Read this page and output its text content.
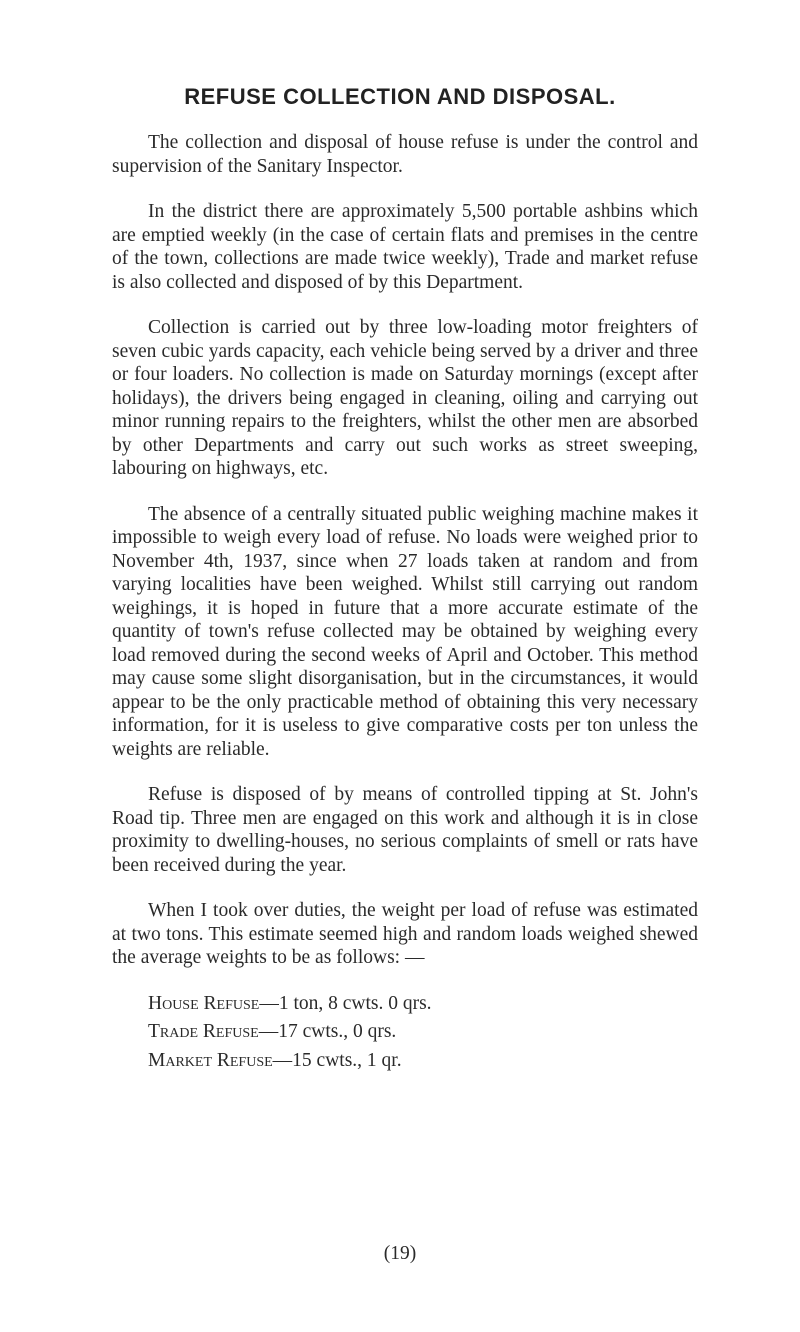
REFUSE COLLECTION AND DISPOSAL.

The collection and disposal of house refuse is under the control and supervision of the Sanitary Inspector.

In the district there are approximately 5,500 portable ashbins which are emptied weekly (in the case of certain flats and premises in the centre of the town, collections are made twice weekly), Trade and market refuse is also collected and disposed of by this Department.

Collection is carried out by three low-loading motor freighters of seven cubic yards capacity, each vehicle being served by a driver and three or four loaders. No collection is made on Saturday mornings (except after holidays), the drivers being engaged in cleaning, oiling and carrying out minor running repairs to the freighters, whilst the other men are absorbed by other Departments and carry out such works as street sweeping, labouring on highways, etc.

The absence of a centrally situated public weighing machine makes it impossible to weigh every load of refuse. No loads were weighed prior to November 4th, 1937, since when 27 loads taken at random and from varying localities have been weighed. Whilst still carrying out random weighings, it is hoped in future that a more accurate estimate of the quantity of town's refuse collected may be obtained by weighing every load removed during the second weeks of April and October. This method may cause some slight disorganisation, but in the circumstances, it would appear to be the only practicable method of obtaining this very necessary information, for it is useless to give comparative costs per ton unless the weights are reliable.

Refuse is disposed of by means of controlled tipping at St. John's Road tip. Three men are engaged on this work and although it is in close proximity to dwelling-houses, no serious complaints of smell or rats have been received during the year.

When I took over duties, the weight per load of refuse was estimated at two tons. This estimate seemed high and random loads weighed shewed the average weights to be as follows: —

House Refuse—1 ton, 8 cwts. 0 qrs.
Trade Refuse—17 cwts., 0 qrs.
Market Refuse—15 cwts., 1 qr.
(19)
